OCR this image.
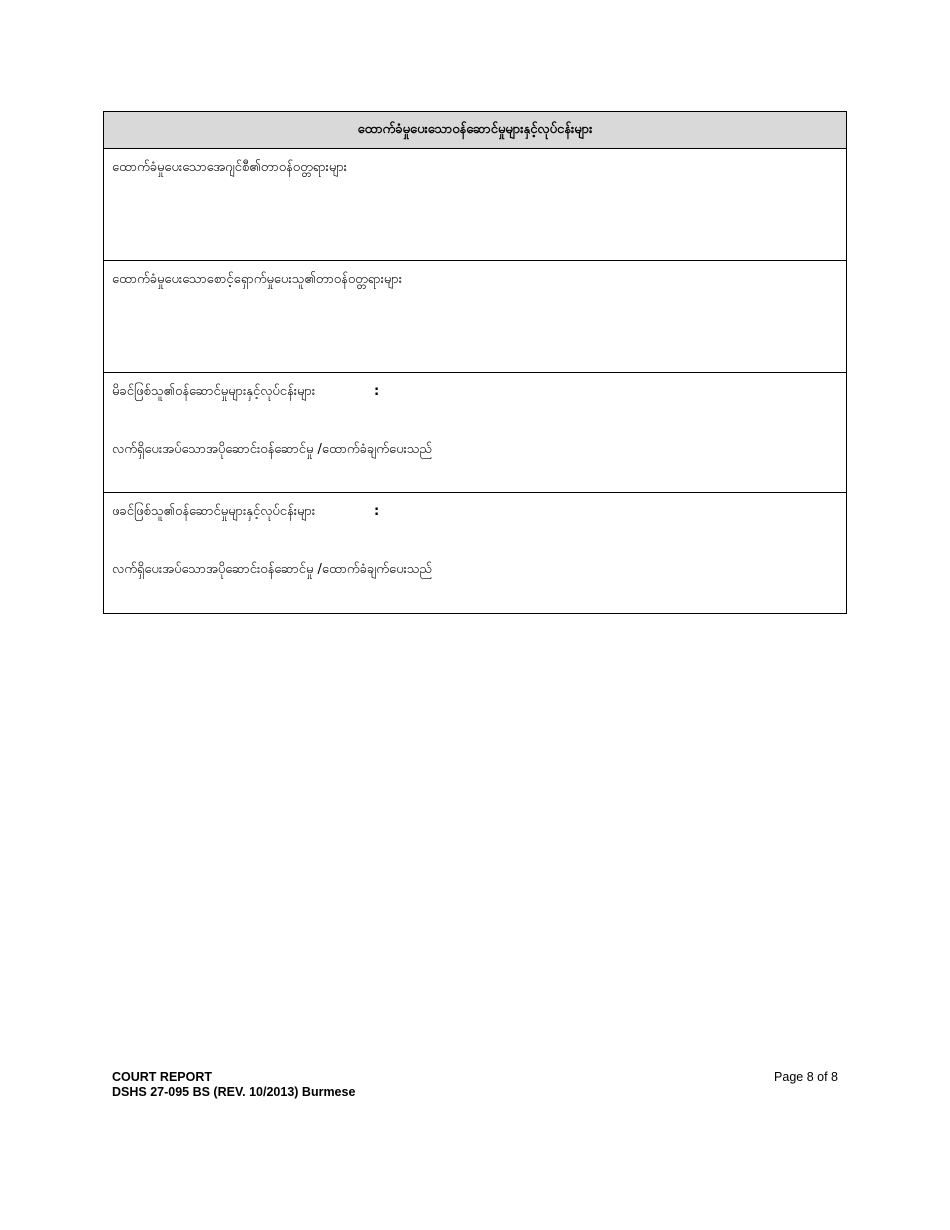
ထောက်ခံမှုပေးသောဝန်ဆောင်မှုများနှင့်လုပ်ငန်းများ
ထောက်ခံမှုပေးသောအေဂျင်စီ၏တာဝန်ဝတ္တရားများ
ထောက်ခံမှုပေးသောစောင့်ရှောက်မှုပေးသူ၏တာဝန်ဝတ္တရားများ
မိခင်ဖြစ်သူ၏ဝန်ဆောင်မှုများနှင့်လုပ်ငန်းများ	:
လက်ရှိပေးအပ်သောအပိုဆောင်းဝန်ဆောင်မှု /ထောက်ခံချက်ပေးသည်
ဖခင်ဖြစ်သူ၏ဝန်ဆောင်မှုများနှင့်လုပ်ငန်းများ	:
လက်ရှိပေးအပ်သောအပိုဆောင်းဝန်ဆောင်မှု /ထောက်ခံချက်ပေးသည်
COURT REPORT
DSHS 27-095 BS (REV. 10/2013) Burmese
Page 8 of 8
